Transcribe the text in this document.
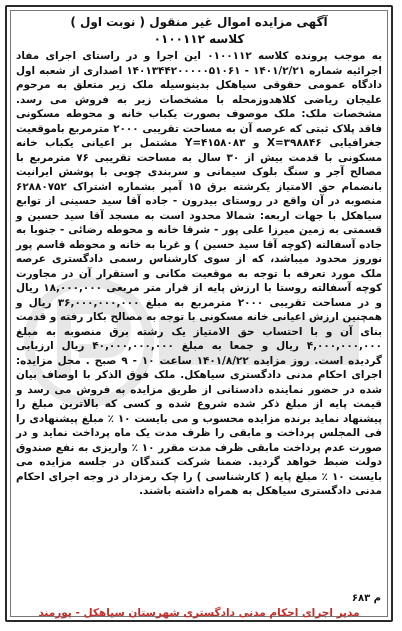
آگهی مزایده اموال غیر منقول ( نوبت اول )
کلاسه ۰۱۰۰۱۱۲

به موجب پرونده کلاسه ۰۱۰۰۱۱۲ این اجرا و در راستای اجرای مفاد اجرائیه شماره ۱۴۰۱/۲/۲۱ - ۱۴۰۱۳۴۴۲۰۰۰۰۰۵۱۰۶۱ اصداری از شعبه اول دادگاه عمومی حقوقی سیاهکل بدینوسیله ملک زیر متعلق به مرحوم علیجان ریاضی کلاهدوزمحله با مشخصات زیر به فروش می رسد. مشخصات ملک: ملک موصوف بصورت یکباب خانه و محوطه مسکونی فاقد پلاک ثبتی که عرصه آن به مساحت تقریبی ۲۰۰۰ مترمربع باموقعیت جغرافیایی X=۳۹۸۸۴۶ و Y=۴۱۵۸۰۸۳ مشتمل بر اعیانی یکباب خانه مسکونی با قدمت بیش از ۳۰ سال به مساحت تقریبی ۷۶ مترمربع با مصالح آجر و سنگ بلوک سیمانی و سربندی چوبی با پوشش ایرانیت بانضمام حق الامتیاز یکرشته برق ۱۵ آمپر بشماره اشتراک ۶۲۸۸۰۷۵۲ منصوبه در آن واقع در روستای بیدرون - جاده آقا سید حسینی از توابع سیاهکل با جهات اربعه: شمالا محدود است به مسجد آقا سید حسین و قسمتی به زمین میرزا علی پور - شرقا خانه و محوطه رضائی - جنوبا به جاده آسفالته (کوچه آقا سید حسین ) و غربا به خانه و محوطه قاسم پور نوروز محدود میباشد، که از سوی کارشناس رسمی دادگستری عرصه ملک مورد تعرفه با توجه به موقعیت مکانی و استقرار آن در مجاورت کوچه آسفالته روستا با ارزش پایه از قرار متر مربعی ۱۸,۰۰۰,۰۰۰ ریال و در مساحت تقریبی ۲۰۰۰ مترمربع به مبلغ ۳۶,۰۰۰,۰۰۰,۰۰۰ ریال و همچنین ارزش اعیانی خانه مسکونی با توجه به مصالح بکار رفته و قدمت بنای آن و با احتساب حق الامتیاز یک رشته برق منصوبه به مبلغ ۴,۰۰۰,۰۰۰,۰۰۰ ریال و جمعا به مبلغ ۴۰,۰۰۰,۰۰۰,۰۰۰ ریال ارزیابی گردیده است. روز مزایده ۱۴۰۱/۸/۲۲ ساعت ۱۰ - ۹ صبح . محل مزایده: اجرای احکام مدنی دادگستری سیاهکل. ملک فوق الذکر با اوصاف بیان شده در حضور نماینده دادستانی از طریق مزایده به فروش می رسد و قیمت پایه از مبلغ ذکر شده شروع شده و کسی که بالاترین مبلغ را پیشنهاد نماید برنده مزایده محسوب و می بایست ۱۰ ٪ مبلغ پیشنهادی را فی المجلس پرداخت و مابقی را ظرف مدت یک ماه پرداخت نماید و در صورت عدم پرداخت مابقی ظرف مدت مقرر ۱۰ ٪ واریزی به نفع صندوق دولت ضبط خواهد گردید. ضمنا شرکت کنندگان در جلسه مزایده می بایست ۱۰ ٪ مبلغ پایه ( کارشناسی ) را چک رمزدار در وجه اجرای احکام مدنی دادگستری سیاهکل به همراه داشته باشند.

م ۶۸۳
مدیر اجرای احکام مدنی دادگستری شهرستان سیاهکل - پورمند
